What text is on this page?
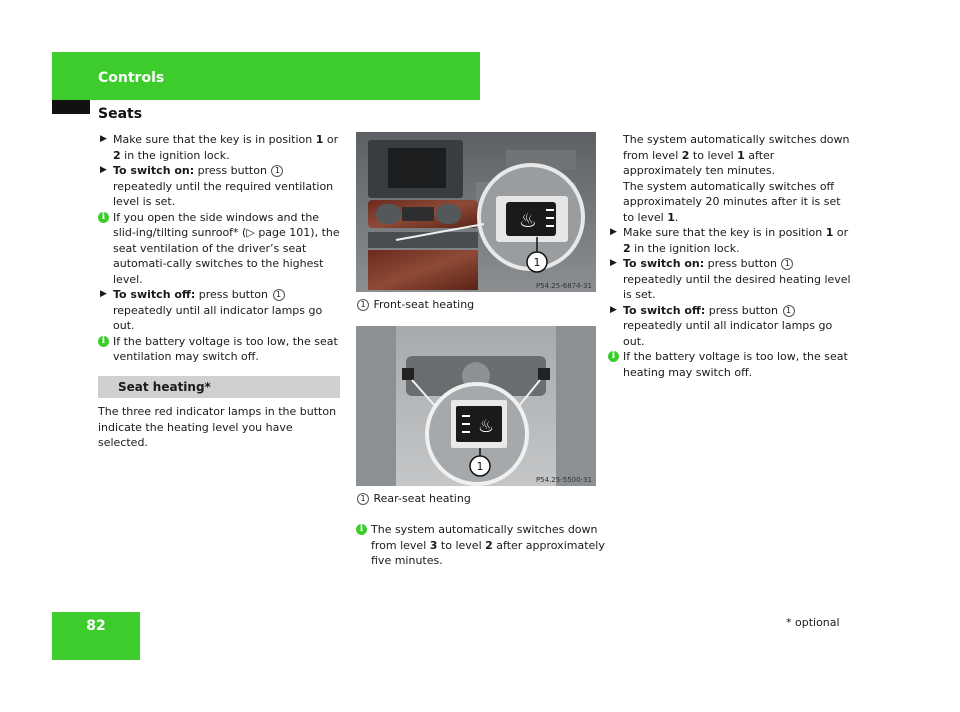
Controls
Seats

▶ Make sure that the key is in position 1 or 2 in the ignition lock.

▶ To switch on: press button 1 repeatedly until the required ventilation level is set.

i If you open the side windows and the slid-ing/tilting sunroof* (▷ page 101), the seat ventilation of the driver’s seat automati-cally switches to the highest level.

▶ To switch off: press button 1 repeatedly until all indicator lamps go out.

i If the battery voltage is too low, the seat ventilation may switch off.

Seat heating*

The three red indicator lamps in the button indicate the heating level you have selected.

♨
1
P54.25-6874-31
1 Front-seat heating
♨
1
P54.25-5500-31
1 Rear-seat heating

i The system automatically switches down from level 3 to level 2 after approximately five minutes.

The system automatically switches down from level 2 to level 1 after approximately ten minutes.

The system automatically switches off approximately 20 minutes after it is set to level 1.

▶ Make sure that the key is in position 1 or 2 in the ignition lock.

▶ To switch on: press button 1 repeatedly until the desired heating level is set.

▶ To switch off: press button 1 repeatedly until all indicator lamps go out.

i If the battery voltage is too low, the seat heating may switch off.

82	* optional
